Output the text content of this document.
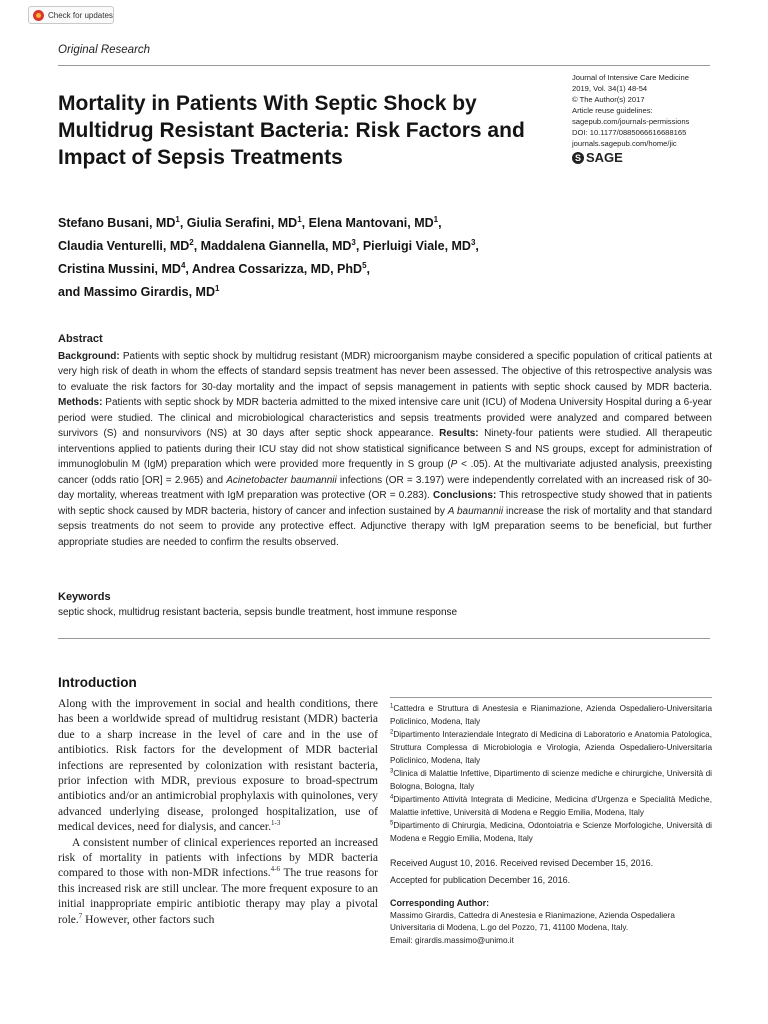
Check for updates
Original Research
Mortality in Patients With Septic Shock by Multidrug Resistant Bacteria: Risk Factors and Impact of Sepsis Treatments
Journal of Intensive Care Medicine
2019, Vol. 34(1) 48-54
© The Author(s) 2017
Article reuse guidelines:
sagepub.com/journals-permissions
DOI: 10.1177/0885066616688165
journals.sagepub.com/home/jic
S SAGE
Stefano Busani, $MD^1$, Giulia Serafini, $MD^1$, Elena Mantovani, $MD^1$,
Claudia Venturelli, $MD^2$, Maddalena Giannella, $MD^3$, Pierluigi Viale, $MD^3$,
Cristina Mussini, $MD^4$, Andrea Cossarizza, MD, PhD$^5$,
and Massimo Girardis, $MD^1$
Abstract
Background: Patients with septic shock by multidrug resistant (MDR) microorganism maybe considered a specific population of critical patients at very high risk of death in whom the effects of standard sepsis treatment has never been assessed. The objective of this retrospective analysis was to evaluate the risk factors for 30-day mortality and the impact of sepsis management in patients with septic shock caused by MDR bacteria. Methods: Patients with septic shock by MDR bacteria admitted to the mixed intensive care unit (ICU) of Modena University Hospital during a 6-year period were studied. The clinical and microbiological characteristics and sepsis treatments provided were analyzed and compared between survivors (S) and nonsurvivors (NS) at 30 days after septic shock appearance. Results: Ninety-four patients were studied. All therapeutic interventions applied to patients during their ICU stay did not show statistical significance between S and NS groups, except for administration of immunoglobulin M (IgM) preparation which were provided more frequently in S group (P < .05). At the multivariate adjusted analysis, preexisting cancer (odds ratio [OR] = 2.965) and Acinetobacter baumannii infections (OR = 3.197) were independently correlated with an increased risk of 30-day mortality, whereas treatment with IgM preparation was protective (OR = 0.283). Conclusions: This retrospective study showed that in patients with septic shock caused by MDR bacteria, history of cancer and infection sustained by A baumannii increase the risk of mortality and that standard sepsis treatments do not seem to provide any protective effect. Adjunctive therapy with IgM preparation seems to be beneficial, but further appropriate studies are needed to confirm the results observed.
Keywords
septic shock, multidrug resistant bacteria, sepsis bundle treatment, host immune response
Introduction

Along with the improvement in social and health conditions, there has been a worldwide spread of multidrug resistant (MDR) bacteria due to a sharp increase in the level of care and in the use of antibiotics. Risk factors for the development of MDR bacterial infections are represented by colonization with resistant bacteria, prior infection with MDR, previous exposure to broad-spectrum antibiotics and/or an antimicrobial prophylaxis with quinolones, very advanced underlying disease, prolonged hospitalization, use of medical devices, need for dialysis, and cancer.$^{1-3}$

A consistent number of clinical experiences reported an increased risk of mortality in patients with infections by MDR bacteria compared to those with non-MDR infections.$^{4-6}$ The true reasons for this increased risk are still unclear. The more frequent exposure to an initial inappropriate empiric antibiotic therapy may play a pivotal role.$^7$ However, other factors such

$^1$Cattedra e Struttura di Anestesia e Rianimazione, Azienda Ospedaliero-Universitaria Policlinico, Modena, Italy

$^2$Dipartimento Interaziendale Integrato di Medicina di Laboratorio e Anatomia Patologica, Struttura Complessa di Microbiologia e Virologia, Azienda Ospedaliero-Universitaria Policlinico, Modena, Italy

$^3$Clinica di Malattie Infettive, Dipartimento di scienze mediche e chirurgiche, Università di Bologna, Bologna, Italy

$^4$Dipartimento Attività Integrata di Medicine, Medicina d'Urgenza e Specialità Mediche, Malattie infettive, Università di Modena e Reggio Emilia, Modena, Italy

$^5$Dipartimento di Chirurgia, Medicina, Odontoiatria e Scienze Morfologiche, Università di Modena e Reggio Emilia, Modena, Italy

Received August 10, 2016. Received revised December 15, 2016.
Accepted for publication December 16, 2016.
Corresponding Author:
Massimo Girardis, Cattedra di Anestesia e Rianimazione, Azienda Ospedaliera
Universitaria di Modena, L.go del Pozzo, 71, 41100 Modena, Italy.
Email: girardis.massimo@unimo.it
